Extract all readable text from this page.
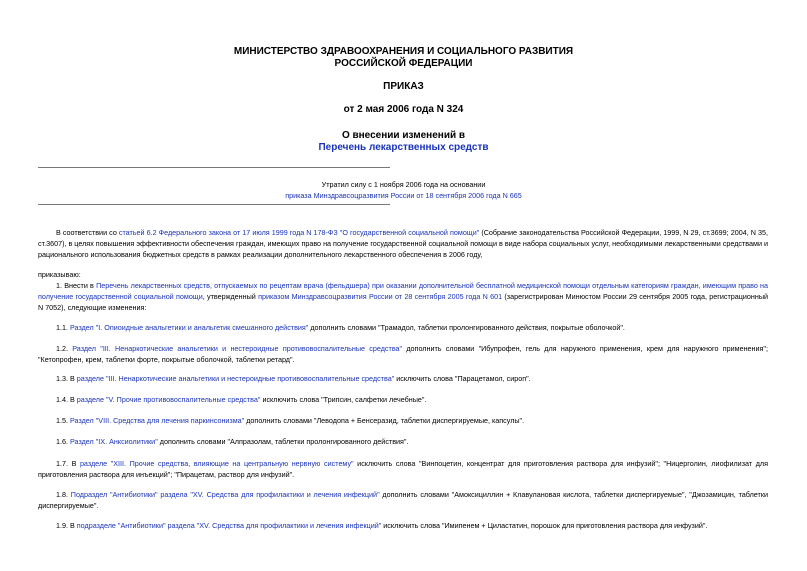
МИНИСТЕРСТВО ЗДРАВООХРАНЕНИЯ И СОЦИАЛЬНОГО РАЗВИТИЯ
РОССИЙСКОЙ ФЕДЕРАЦИИ
ПРИКАЗ
от 2 мая 2006 года N 324
О внесении изменений в
Перечень лекарственных средств
Утратил силу с 1 ноября 2006 года на основании
приказа Минздравсоцразвития России от 18 сентября 2006 года N 665
В соответствии со статьей 6.2 Федерального закона от 17 июля 1999 года N 178-ФЗ "О государственной социальной помощи" (Собрание законодательства Российской Федерации, 1999, N 29, ст.3699; 2004, N 35, ст.3607), в целях повышения эффективности обеспечения граждан, имеющих право на получение государственной социальной помощи в виде набора социальных услуг, необходимыми лекарственными средствами и рационального использования бюджетных средств в рамках реализации дополнительного лекарственного обеспечения в 2006 году,
приказываю:
1. Внести в Перечень лекарственных средств, отпускаемых по рецептам врача (фельдшера) при оказании дополнительной бесплатной медицинской помощи отдельным категориям граждан, имеющим право на получение государственной социальной помощи, утвержденный приказом Минздравсоцразвития России от 28 сентября 2005 года N 601 (зарегистрирован Минюстом России 29 сентября 2005 года, регистрационный N 7052), следующие изменения:
1.1. Раздел "I. Опиоидные анальгетики и анальгетик смешанного действия" дополнить словами "Трамадол, таблетки пролонгированного действия, покрытые оболочкой".
1.2. Раздел "III. Ненаркотические анальгетики и нестероидные противовоспалительные средства" дополнить словами "Ибупрофен, гель для наружного применения, крем для наружного применения"; "Кетопрофен, крем, таблетки форте, покрытые оболочкой, таблетки ретард".
1.3. В разделе "III. Ненаркотические анальгетики и нестероидные противовоспалительные средства" исключить слова "Парацетамол, сироп".
1.4. В разделе "V. Прочие противовоспалительные средства" исключить слова "Трипсин, салфетки лечебные".
1.5. Раздел "VIII. Средства для лечения паркинсонизма" дополнить словами "Леводопа + Бенсеразид, таблетки диспергируемые, капсулы".
1.6. Раздел "IX. Анксиолитики" дополнить словами "Алпразолам, таблетки пролонгированного действия".
1.7. В разделе "XIII. Прочие средства, влияющие на центральную нервную систему" исключить слова "Винпоцетин, концентрат для приготовления раствора для инфузий"; "Ницерголин, лиофилизат для приготовления раствора для инъекций"; "Пирацетам, раствор для инфузий".
1.8. Подраздел "Антибиотики" раздела "XV. Средства для профилактики и лечения инфекций" дополнить словами "Амоксициллин + Клавулановая кислота, таблетки диспергируемые", "Джозамицин, таблетки диспергируемые".
1.9. В подразделе "Антибиотики" раздела "XV. Средства для профилактики и лечения инфекций" исключить слова "Имипенем + Циластатин, порошок для приготовления раствора для инфузий".
